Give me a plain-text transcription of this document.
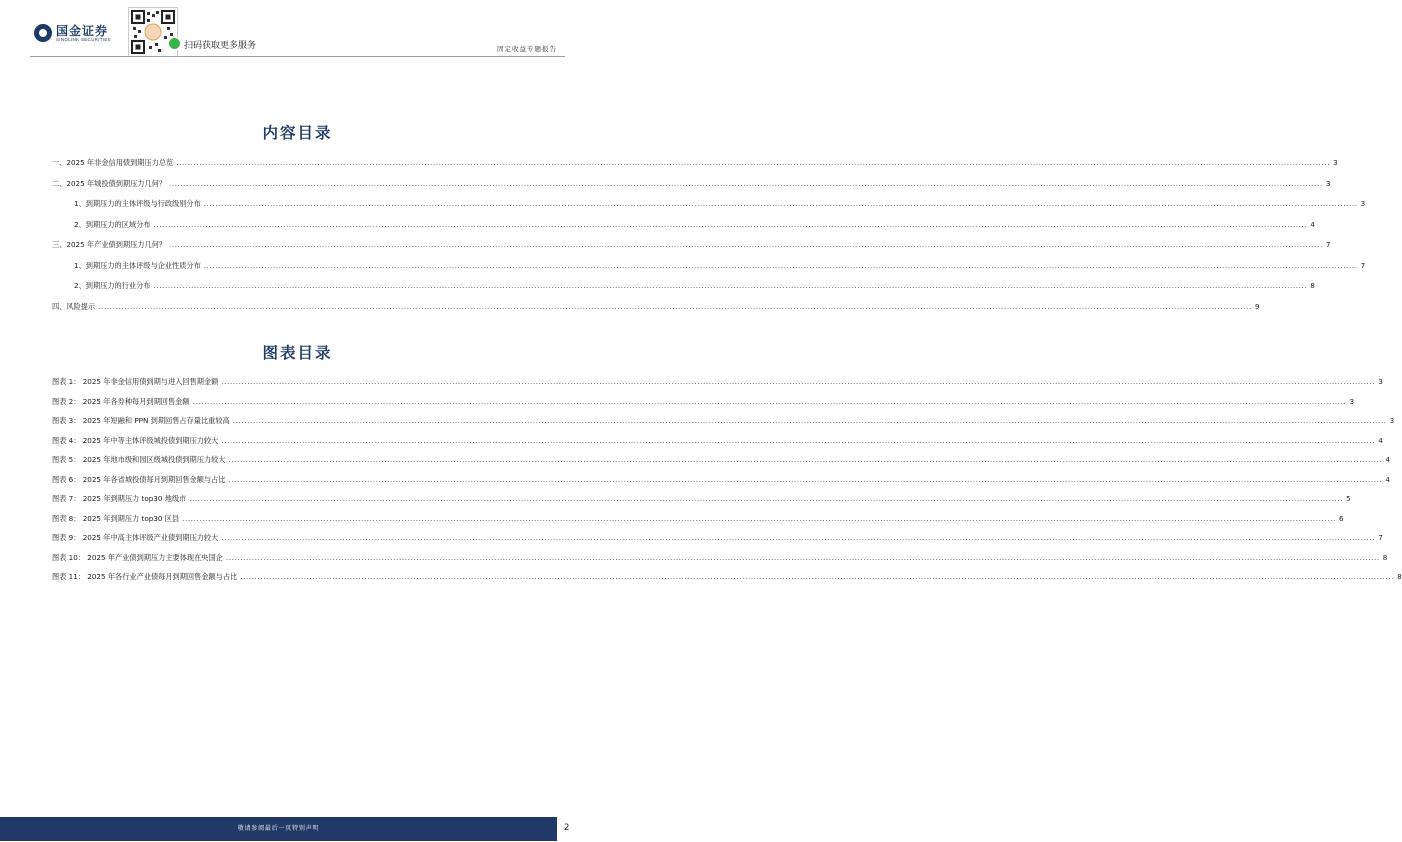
国金证券
SINOLINK SECURITIES
扫码获取更多服务	固定收益专题报告
内容目录
一、2025 年非金信用债到期压力总览 ................................................................................................................................................................................................................................................................................................................................................................................................................ 3
二、2025 年城投债到期压力几何？ ................................................................................................................................................................................................................................................................................................................................................................................................................ 3
1、到期压力的主体评级与行政级别分布 ................................................................................................................................................................................................................................................................................................................................................................................................................ 3
2、到期压力的区域分布 ................................................................................................................................................................................................................................................................................................................................................................................................................ 4
三、2025 年产业债到期压力几何？ ................................................................................................................................................................................................................................................................................................................................................................................................................ 7
1、到期压力的主体评级与企业性质分布 ................................................................................................................................................................................................................................................................................................................................................................................................................ 7
2、到期压力的行业分布 ................................................................................................................................................................................................................................................................................................................................................................................................................ 8
四、风险提示 ................................................................................................................................................................................................................................................................................................................................................................................................................ 9
图表目录
图表 1： 2025 年非金信用债到期与进入回售期金额 ................................................................................................................................................................................................................................................................................................................................................................................................................ 3
图表 2： 2025 年各券种每月到期回售金额 ................................................................................................................................................................................................................................................................................................................................................................................................................ 3
图表 3： 2025 年短融和 PPN 到期回售占存量比重较高 ................................................................................................................................................................................................................................................................................................................................................................................................................ 3
图表 4： 2025 年中等主体评级城投债到期压力较大 ................................................................................................................................................................................................................................................................................................................................................................................................................ 4
图表 5： 2025 年地市级和园区级城投债到期压力较大 ................................................................................................................................................................................................................................................................................................................................................................................................................ 4
图表 6： 2025 年各省城投债每月到期回售金额与占比 ................................................................................................................................................................................................................................................................................................................................................................................................................ 4
图表 7： 2025 年到期压力 top30 地级市 ................................................................................................................................................................................................................................................................................................................................................................................................................ 5
图表 8： 2025 年到期压力 top30 区县 ................................................................................................................................................................................................................................................................................................................................................................................................................ 6
图表 9： 2025 年中高主体评级产业债到期压力较大 ................................................................................................................................................................................................................................................................................................................................................................................................................ 7
图表 10： 2025 年产业债到期压力主要体现在央国企 ................................................................................................................................................................................................................................................................................................................................................................................................................ 8
图表 11： 2025 年各行业产业债每月到期回售金额与占比 ................................................................................................................................................................................................................................................................................................................................................................................................................ 8
敬请参阅最后一页特别声明	2
